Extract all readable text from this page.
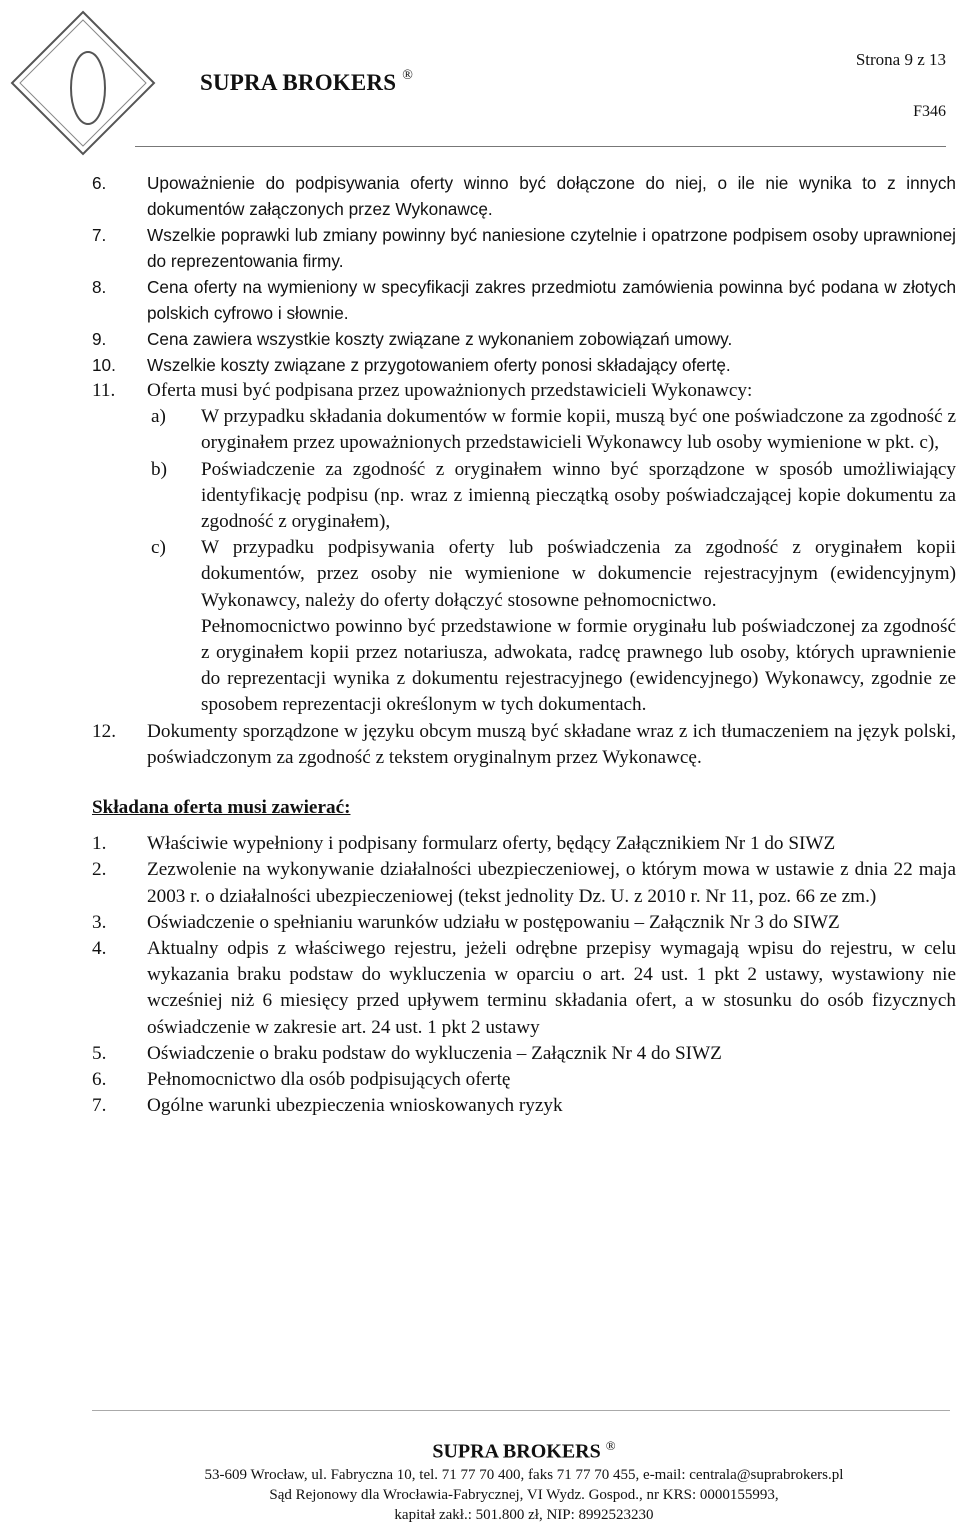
Strona 9 z 13
SUPRA BROKERS ®
F346
6.	Upoważnienie do podpisywania oferty winno być dołączone do niej, o ile nie wynika to z innych dokumentów załączonych przez Wykonawcę.
7.	Wszelkie poprawki lub zmiany powinny być naniesione czytelnie i opatrzone podpisem osoby uprawnionej do reprezentowania firmy.
8.	Cena oferty na wymieniony w specyfikacji zakres przedmiotu zamówienia powinna być podana w złotych polskich cyfrowo i słownie.
9.	Cena zawiera wszystkie koszty związane z wykonaniem zobowiązań umowy.
10.	Wszelkie koszty związane z przygotowaniem oferty ponosi składający ofertę.
11.	Oferta musi być podpisana przez upoważnionych przedstawicieli Wykonawcy:
a)	W przypadku składania dokumentów w formie kopii, muszą być one poświadczone za zgodność z oryginałem przez upoważnionych przedstawicieli Wykonawcy lub osoby wymienione w pkt. c),
b)	Poświadczenie za zgodność z oryginałem winno być sporządzone w sposób umożliwiający identyfikację podpisu (np. wraz z imienną pieczątką osoby poświadczającej kopie dokumentu za zgodność z oryginałem),
c)	W przypadku podpisywania oferty lub poświadczenia za zgodność z oryginałem kopii dokumentów, przez osoby nie wymienione w dokumencie rejestracyjnym (ewidencyjnym) Wykonawcy, należy do oferty dołączyć stosowne pełnomocnictwo.
Pełnomocnictwo powinno być przedstawione w formie oryginału lub poświadczonej za zgodność z oryginałem kopii przez notariusza, adwokata, radcę prawnego lub osoby, których uprawnienie do reprezentacji wynika z dokumentu rejestracyjnego (ewidencyjnego) Wykonawcy, zgodnie ze sposobem reprezentacji określonym w tych dokumentach.
12.	Dokumenty sporządzone w języku obcym muszą być składane wraz z ich tłumaczeniem na język polski, poświadczonym za zgodność z tekstem oryginalnym przez Wykonawcę.
Składana oferta musi zawierać:
1.	Właściwie wypełniony i podpisany formularz oferty, będący Załącznikiem Nr 1 do SIWZ
2.	Zezwolenie na wykonywanie działalności ubezpieczeniowej, o którym mowa w ustawie z dnia 22 maja 2003 r. o działalności ubezpieczeniowej (tekst jednolity Dz. U. z 2010 r. Nr 11, poz. 66 ze zm.)
3.	Oświadczenie o spełnianiu warunków udziału w postępowaniu – Załącznik Nr 3 do SIWZ
4.	Aktualny odpis z właściwego rejestru, jeżeli odrębne przepisy wymagają wpisu do rejestru, w celu wykazania braku podstaw do wykluczenia w oparciu o art. 24 ust. 1 pkt 2 ustawy, wystawiony nie wcześniej niż 6 miesięcy przed upływem terminu składania ofert, a w stosunku do osób fizycznych oświadczenie w zakresie art. 24 ust. 1 pkt 2 ustawy
5.	Oświadczenie o braku podstaw do wykluczenia – Załącznik Nr 4 do SIWZ
6.	Pełnomocnictwo dla osób podpisujących ofertę
7.	Ogólne warunki ubezpieczenia wnioskowanych ryzyk
SUPRA BROKERS ®
53-609 Wrocław, ul. Fabryczna 10, tel. 71 77 70 400, faks 71 77 70 455, e-mail: centrala@suprabrokers.pl
Sąd Rejonowy dla Wrocławia-Fabrycznej, VI Wydz. Gospod., nr KRS: 0000155993,
kapitał zakł.: 501.800 zł, NIP: 8992523230
